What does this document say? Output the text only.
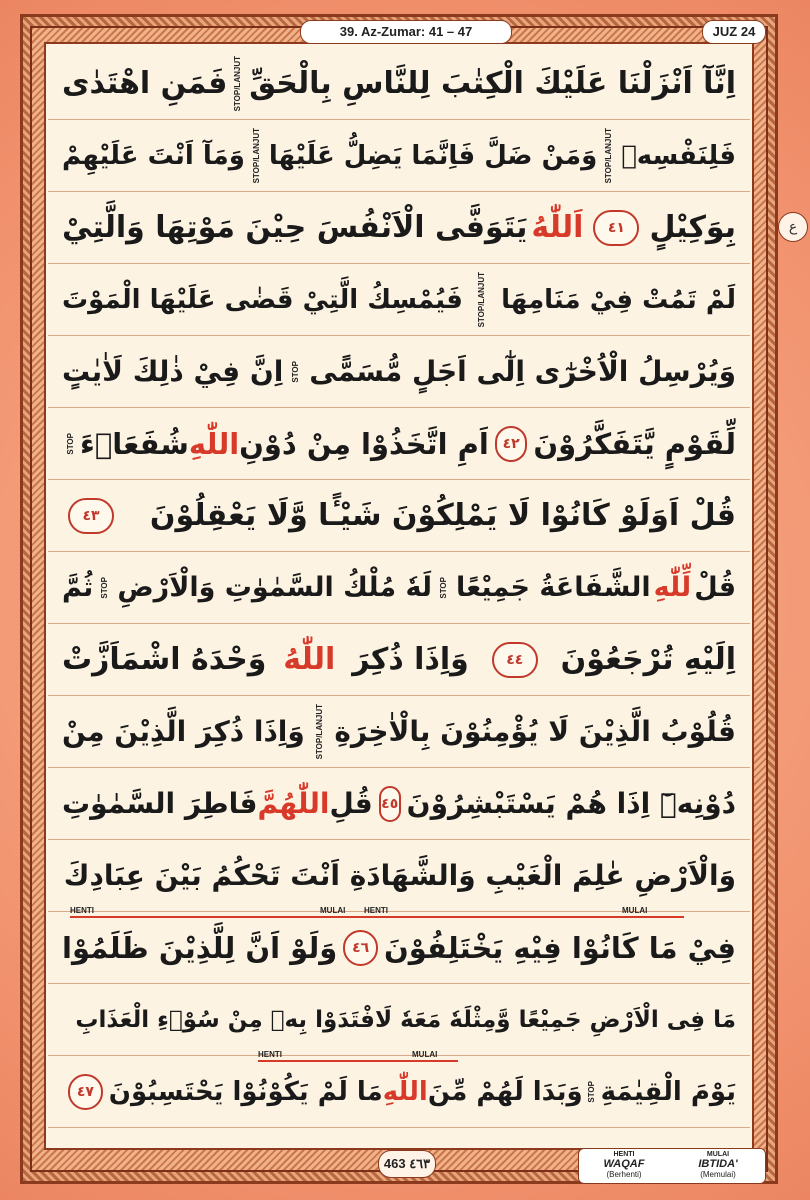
39. Az-Zumar: 41 – 47	JUZ 24
ع
اِنَّآ اَنْزَلْنَا عَلَيْكَ الْكِتٰبَ لِلنَّاسِ بِالْحَقِّ
STOP/LANJUT
فَمَنِ اهْتَدٰى
فَلِنَفْسِهٖ
STOP/LANJUT
وَمَنْ ضَلَّ فَاِنَّمَا يَضِلُّ عَلَيْهَا
STOP/LANJUT
وَمَآ اَنْتَ عَلَيْهِمْ
بِوَكِيْلٍ
٤١
اَللّٰهُ
يَتَوَفَّى الْاَنْفُسَ حِيْنَ مَوْتِهَا وَالَّتِيْ
لَمْ تَمُتْ فِيْ مَنَامِهَا
STOP/LANJUT
فَيُمْسِكُ الَّتِيْ قَضٰى عَلَيْهَا الْمَوْتَ
وَيُرْسِلُ الْاُخْرٰٓى اِلٰٓى اَجَلٍ مُّسَمًّى
STOP
اِنَّ فِيْ ذٰلِكَ لَاٰيٰتٍ
لِّقَوْمٍ يَّتَفَكَّرُوْنَ
٤٢
اَمِ اتَّخَذُوْا مِنْ دُوْنِ
اللّٰهِ
شُفَعَاۤءَ
STOP
قُلْ اَوَلَوْ كَانُوْا لَا يَمْلِكُوْنَ شَيْـًٔا وَّلَا يَعْقِلُوْنَ
٤٣
قُلْ
لِّلّٰهِ
الشَّفَاعَةُ جَمِيْعًا
STOP
لَهٗ مُلْكُ السَّمٰوٰتِ وَالْاَرْضِ
STOP
ثُمَّ
اِلَيْهِ تُرْجَعُوْنَ
٤٤
وَاِذَا ذُكِرَ
اللّٰهُ
وَحْدَهُ اشْمَاَزَّتْ
قُلُوْبُ الَّذِيْنَ لَا يُؤْمِنُوْنَ بِالْاٰخِرَةِ
STOP/LANJUT
وَاِذَا ذُكِرَ الَّذِيْنَ مِنْ
دُوْنِهٖٓ اِذَا هُمْ يَسْتَبْشِرُوْنَ
٤٥
قُلِ
اللّٰهُمَّ
فَاطِرَ السَّمٰوٰتِ
وَالْاَرْضِ عٰلِمَ الْغَيْبِ وَالشَّهَادَةِ اَنْتَ تَحْكُمُ بَيْنَ عِبَادِكَ
فِيْ مَا كَانُوْا فِيْهِ يَخْتَلِفُوْنَ
٤٦
وَلَوْ اَنَّ لِلَّذِيْنَ ظَلَمُوْا
مَا فِى الْاَرْضِ جَمِيْعًا وَّمِثْلَهٗ مَعَهٗ لَافْتَدَوْا بِهٖ مِنْ سُوْۤءِ الْعَذَابِ
يَوْمَ الْقِيٰمَةِ
STOP
وَبَدَا لَهُمْ مِّنَ
اللّٰهِ
مَا لَمْ يَكُوْنُوْا يَحْتَسِبُوْنَ
٤٧
HENTI	MULAI HENTI	MULAI
HENTI	MULAI
463 ٤٦٣
HENTI
WAQAF
(Berhenti)
MULAI
IBTIDA'
(Memulai)
